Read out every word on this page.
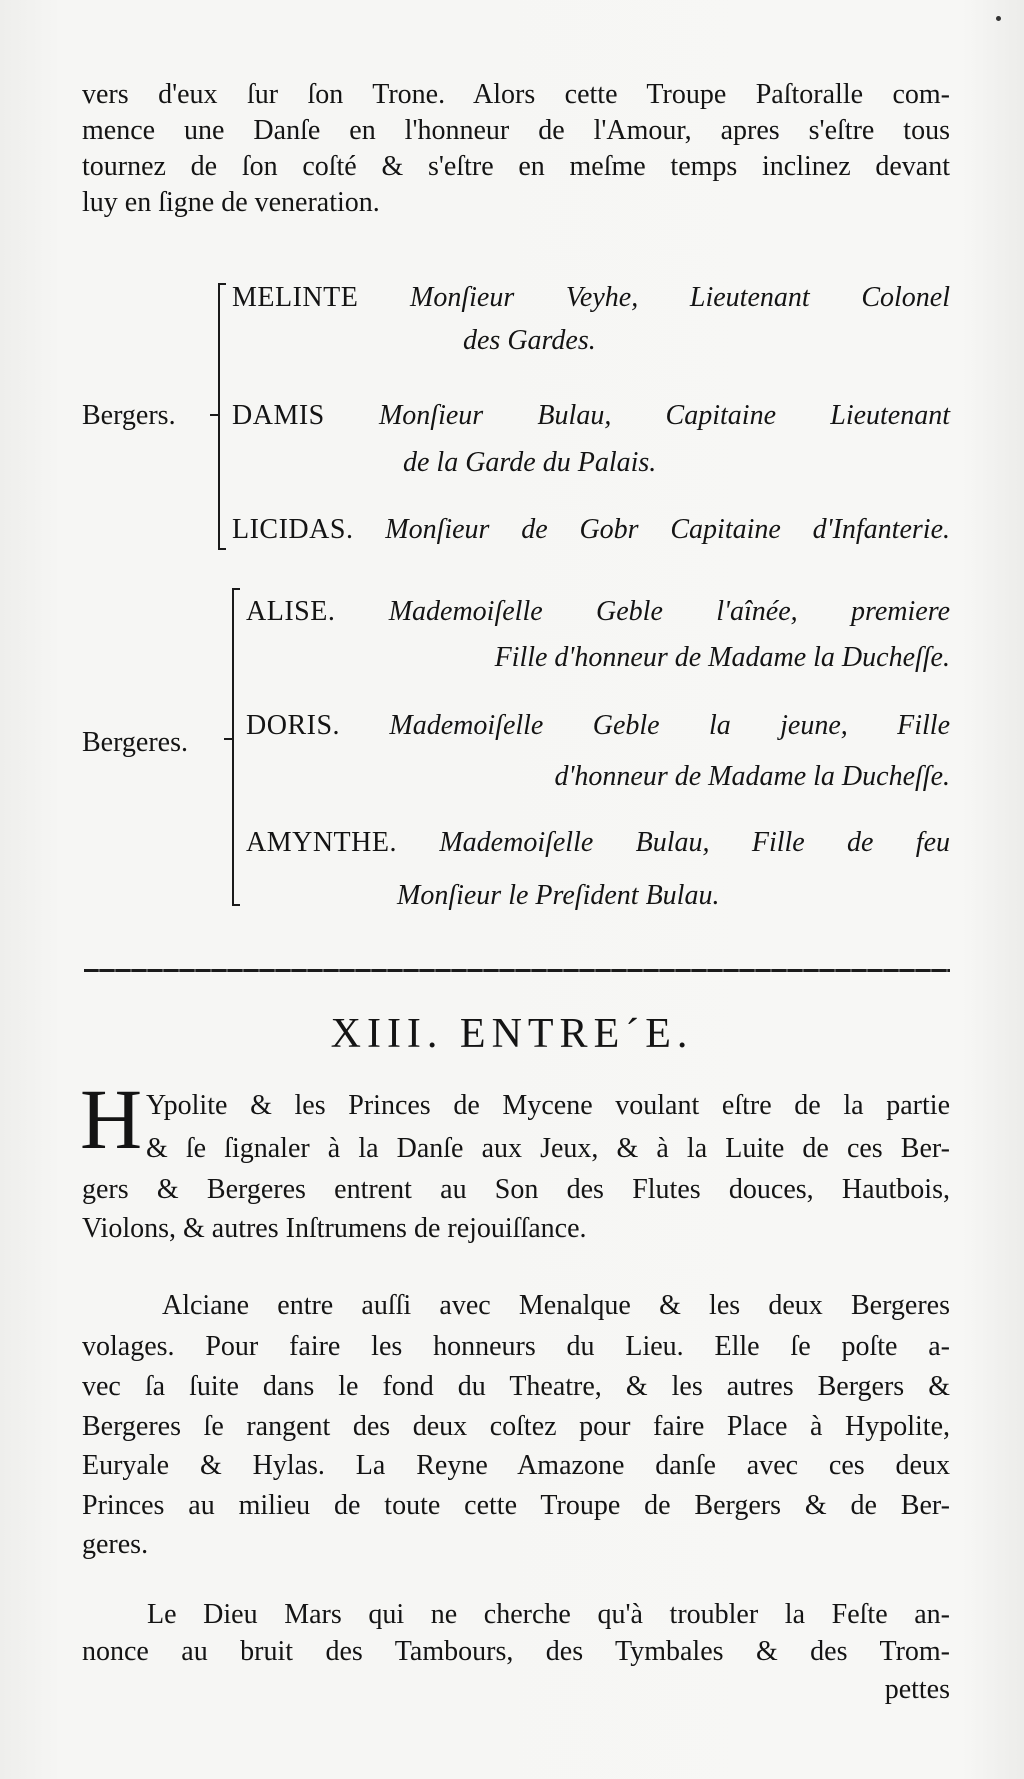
vers d'eux ſur ſon Trone. Alors cette Troupe Paſtoralle com-
mence une Danſe en l'honneur de l'Amour, apres s'eſtre tous
tournez de ſon coſté & s'eſtre en meſme temps inclinez devant
luy en ſigne de veneration.
Bergers.
MELINTE Monſieur Veyhe, Lieutenant Colonel
des Gardes.
DAMIS Monſieur Bulau, Capitaine Lieutenant
de la Garde du Palais.
LICIDAS. Monſieur de Gobr Capitaine d'Infanterie.
Bergeres.
ALISE. Mademoiſelle Geble l'aînée, premiere
Fille d'honneur de Madame la Ducheſſe.
DORIS. Mademoiſelle Geble la jeune, Fille
d'honneur de Madame la Ducheſſe.
AMYNTHE. Mademoiſelle Bulau, Fille de feu
Monſieur le Preſident Bulau.
XIII. ENTRE´E.
H Ypolite & les Princes de Mycene voulant eſtre de la partie
& ſe ſignaler à la Danſe aux Jeux, & à la Luite de ces Ber-
gers & Bergeres entrent au Son des Flutes douces, Hautbois,
Violons, & autres Inſtrumens de rejouiſſance.
Alciane entre auſſi avec Menalque & les deux Bergeres
volages. Pour faire les honneurs du Lieu. Elle ſe poſte a-
vec ſa ſuite dans le fond du Theatre, & les autres Bergers &
Bergeres ſe rangent des deux coſtez pour faire Place à Hypolite,
Euryale & Hylas. La Reyne Amazone danſe avec ces deux
Princes au milieu de toute cette Troupe de Bergers & de Ber-
geres.
Le Dieu Mars qui ne cherche qu'à troubler la Feſte an-
nonce au bruit des Tambours, des Tymbales & des Trom-
pettes
